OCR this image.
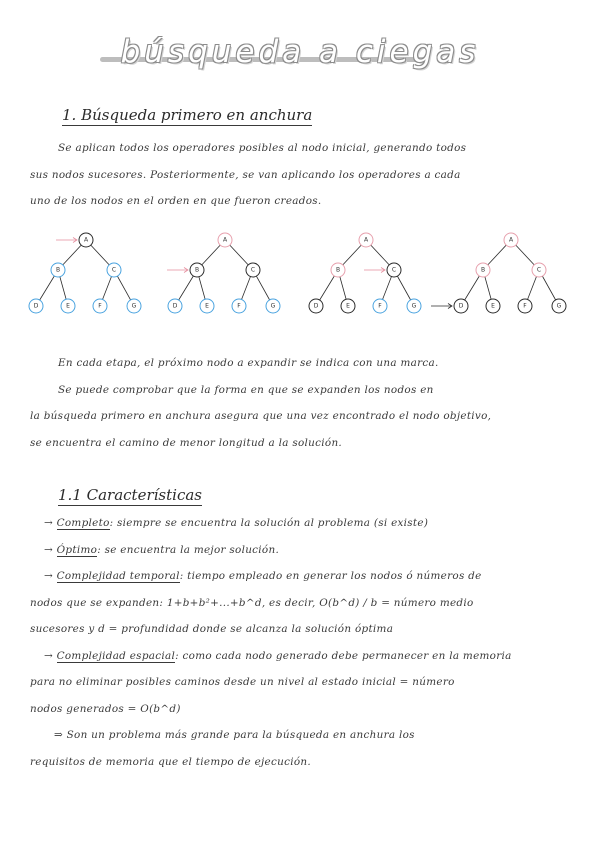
búsqueda a ciegas
1. Búsqueda primero en anchura
Se aplican todos los operadores posibles al nodo inicial, generando todos
sus nodos sucesores. Posteriormente, se van aplicando los operadores a cada
uno de los nodos en el orden en que fueron creados.
A
B	C
D	E	F	G
A
B	C
D	E	F	G
A
B	C
D	E	F	G
A
B	C
D	E	F	G
En cada etapa, el próximo nodo a expandir se indica con una marca.
Se puede comprobar que la forma en que se expanden los nodos en
la búsqueda primero en anchura asegura que una vez encontrado el nodo objetivo,
se encuentra el camino de menor longitud a la solución.
1.1 Características
→ Completo: siempre se encuentra la solución al problema (si existe)
→ Óptimo: se encuentra la mejor solución.
→ Complejidad temporal: tiempo empleado en generar los nodos ó números de
nodos que se expanden: 1+b+b²+...+b^d, es decir, O(b^d) / b = número medio
sucesores y d = profundidad donde se alcanza la solución óptima
→ Complejidad espacial: como cada nodo generado debe permanecer en la memoria
para no eliminar posibles caminos desde un nivel al estado inicial = número
nodos generados = O(b^d)
⇒ Son un problema más grande para la búsqueda en anchura los
requisitos de memoria que el tiempo de ejecución.
